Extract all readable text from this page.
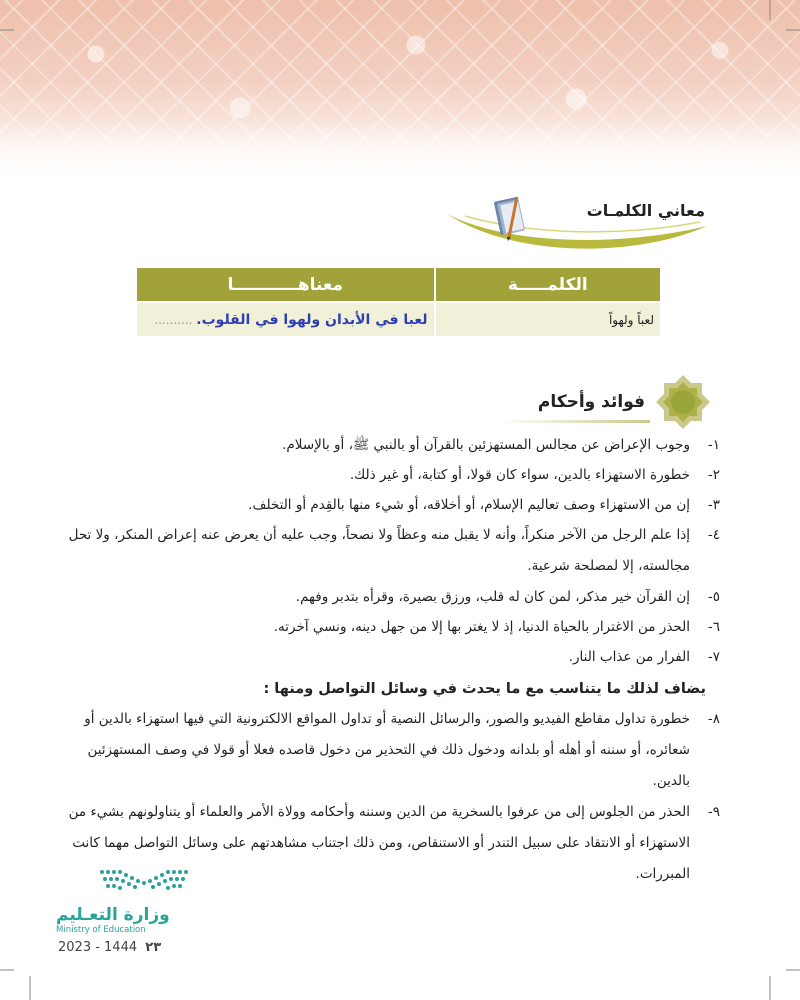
معاني الكلمـات
الكلمـــــة	معناهـــــــــــا
لعباً ولهواً	لعبا في الأبدان ولهوا في القلوب. ..........
فوائد وأحكام
١-
وجوب الإعراض عن مجالس المستهزئين بالقرآن أو بالنبي ﷺ، أو بالإسلام.
٢-
خطورة الاستهزاء بالدين، سواء كان قولا، أو كتابة، أو غير ذلك.
٣-
إن من الاستهزاء وصف تعاليم الإسلام، أو أخلاقه، أو شيء منها بالقِدم أو التخلف.
٤-
إذا علم الرجل من الآخر منكراً، وأنه لا يقبل منه وعظاً ولا نصحاً، وجب عليه أن يعرض عنه إعراض المنكر، ولا تحل مجالسته، إلا لمصلحة شرعية.
٥-
إن القرآن خير مذكر، لمن كان له قلب، ورزق بصيرة، وقرأه بتدبر وفهم.
٦-
الحذر من الاغترار بالحياة الدنيا، إذ لا يغتر بها إلا من جهل دينه، ونسي آخرته.
٧-
الفرار من عذاب النار.
يضاف لذلك ما يتناسب مع ما يحدث في وسائل التواصل ومنها :
٨-
خطورة تداول مقاطع الفيديو والصور، والرسائل النصية أو تداول المواقع الالكترونية التي فيها استهزاء بالدين أو شعائره، أو سننه أو أهله أو بلدانه ودخول ذلك في التحذير من دخول قاصده فعلا أو قولا في وصف المستهزئين بالدين.
٩-
الحذر من الجلوس إلى من عرفوا بالسخرية من الدين وسننه وأحكامه وولاة الأمر والعلماء أو يتناولونهم بشيء من الاستهزاء أو الانتقاد على سبيل التندر أو الاستنقاص، ومن ذلك اجتناب مشاهدتهم على وسائل التواصل مهما كانت المبررات.
وزارة التعـليم
Ministry of Education
2023 - 1444 ٢٣
